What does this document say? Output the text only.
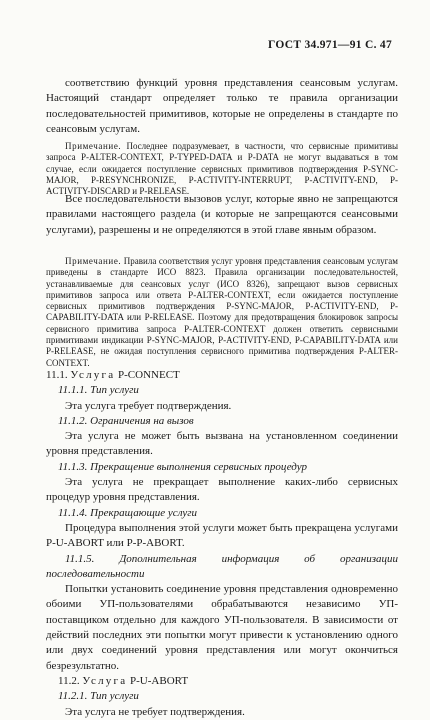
ГОСТ 34.971—91 С. 47

соответствию функций уровня представления сеансовым услугам. Настоящий стандарт определяет только те правила организации последовательностей примитивов, которые не определены в стандарте по сеансовым услугам.

Примечание. Последнее подразумевает, в частности, что сервисные примитивы запроса P-ALTER-CONTEXT, P-TYPED-DATA и P-DATA не могут выдаваться в том случае, если ожидается поступление сервисных примитивов подтверждения P-SYNC-MAJOR, P-RESYNCHRONIZE, P-ACTIVITY-INTERRUPT, P-ACTIVITY-END, P-ACTIVITY-DISCARD и P-RELEASE.

Все последовательности вызовов услуг, которые явно не запрещаются правилами настоящего раздела (и которые не запрещаются сеансовыми услугами), разрешены и не определяются в этой главе явным образом.

Примечание. Правила соответствия услуг уровня представления сеансовым услугам приведены в стандарте ИСО 8823. Правила организации последовательностей, устанавливаемые для сеансовых услуг (ИСО 8326), запрещают вызов сервисных примитивов запроса или ответа P-ALTER-CONTEXT, если ожидается поступление сервисных примитивов подтверждения P-SYNC-MAJOR, P-ACTIVITY-END, P-CAPABILITY-DATA или P-RELEASE. Поэтому для предотвращения блокировок запросы сервисного примитива запроса P-ALTER-CONTEXT должен ответить сервисными примитивами индикации P-SYNC-MAJOR, P-ACTIVITY-END, P-CAPABILITY-DATA или P-RELEASE, не ожидая поступления сервисного примитива подтверждения P-ALTER-CONTEXT.

11.1. Услуга P-CONNECT
11.1.1. Тип услуги

Эта услуга требует подтверждения.

11.1.2. Ограничения на вызов

Эта услуга не может быть вызвана на установленном соединении уровня представления.

11.1.3. Прекращение выполнения сервисных процедур

Эта услуга не прекращает выполнение каких-либо сервисных процедур уровня представления.

11.1.4. Прекращающие услуги

Процедура выполнения этой услуги может быть прекращена услугами P-U-ABORT или P-P-ABORT.

11.1.5. Дополнительная информация об организации последовательности

Попытки установить соединение уровня представления одновременно обоими УП-пользователями обрабатываются независимо УП-поставщиком отдельно для каждого УП-пользователя. В зависимости от действий последних эти попытки могут привести к установлению одного или двух соединений уровня представления или могут окончиться безрезультатно.

11.2. Услуга P-U-ABORT
11.2.1. Тип услуги

Эта услуга не требует подтверждения.
